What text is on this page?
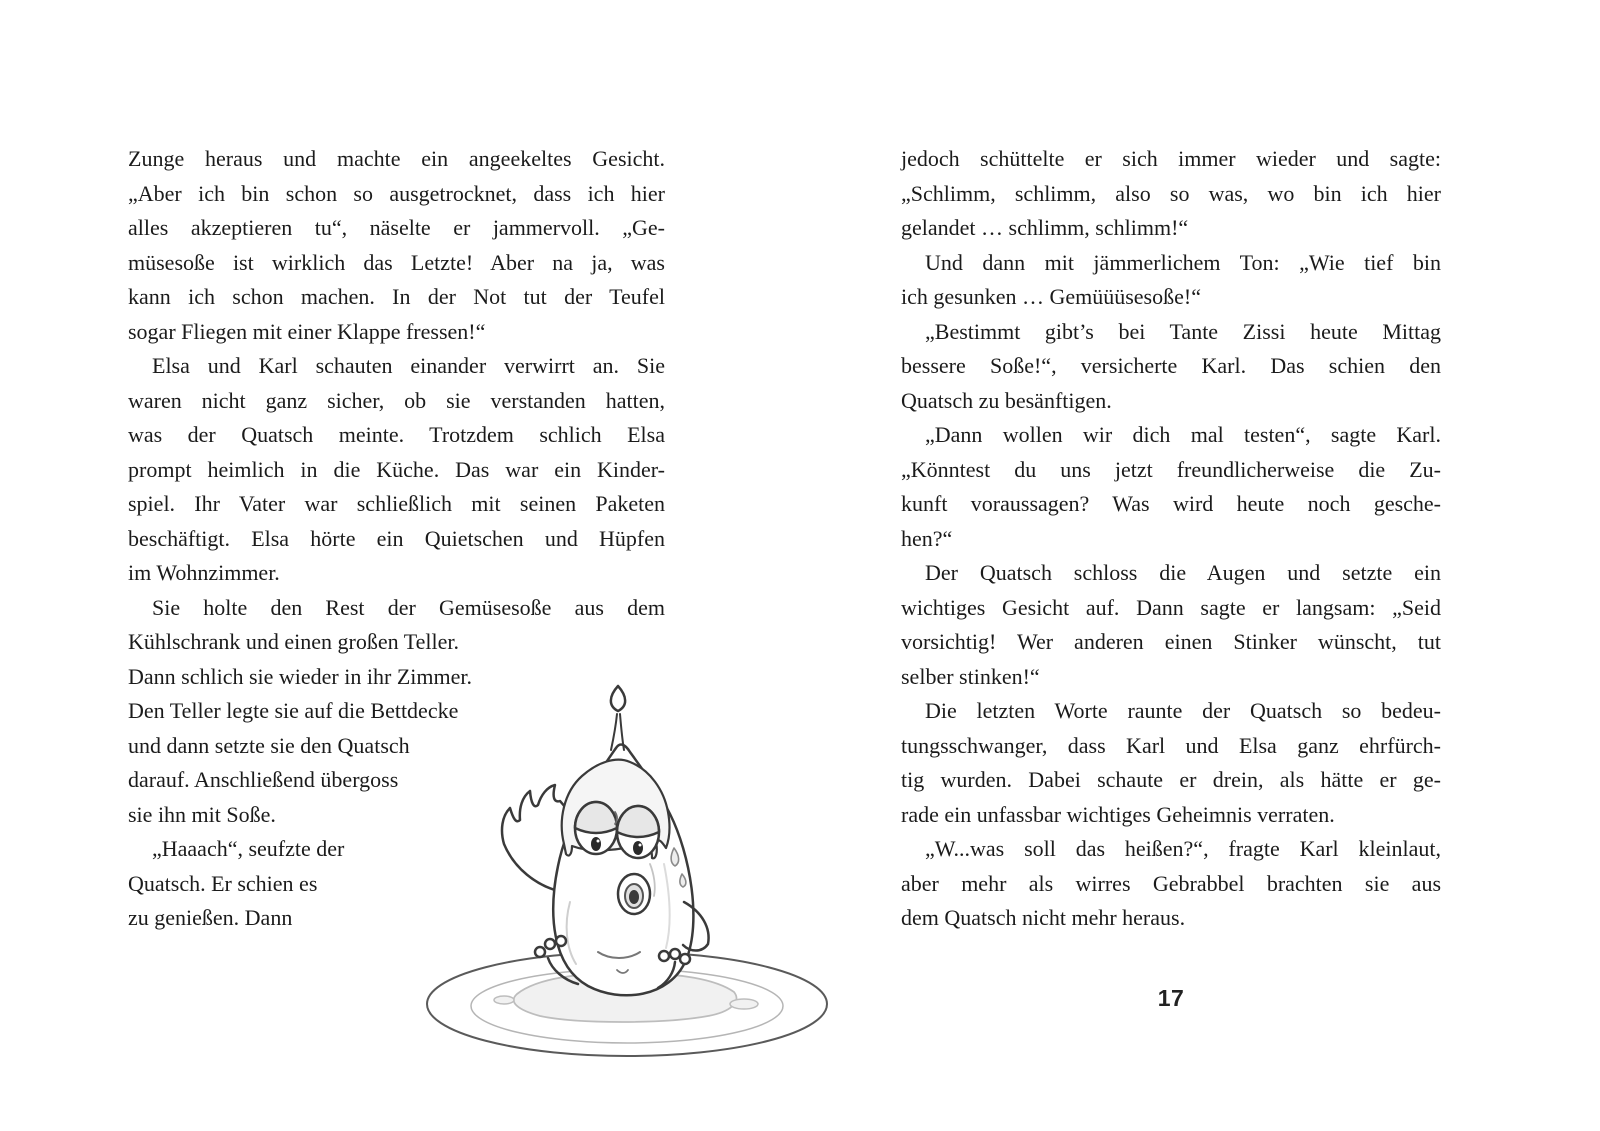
Zunge heraus und machte ein angeekeltes Gesicht.
„Aber ich bin schon so ausgetrocknet, dass ich hier
alles akzeptieren tu“, näselte er jammervoll. „Ge-
müsesoße ist wirklich das Letzte! Aber na ja, was
kann ich schon machen. In der Not tut der Teufel
sogar Fliegen mit einer Klappe fressen!“
Elsa und Karl schauten einander verwirrt an. Sie
waren nicht ganz sicher, ob sie verstanden hatten,
was der Quatsch meinte. Trotzdem schlich Elsa
prompt heimlich in die Küche. Das war ein Kinder-
spiel. Ihr Vater war schließlich mit seinen Paketen
beschäftigt. Elsa hörte ein Quietschen und Hüpfen
im Wohnzimmer.
Sie holte den Rest der Gemüsesoße aus dem
Kühlschrank und einen großen Teller.
Dann schlich sie wieder in ihr Zimmer.
Den Teller legte sie auf die Bettdecke
und dann setzte sie den Quatsch
darauf. Anschließend übergoss
sie ihn mit Soße.
„Haaach“, seufzte der
Quatsch. Er schien es
zu genießen. Dann
jedoch schüttelte er sich immer wieder und sagte:
„Schlimm, schlimm, also so was, wo bin ich hier
gelandet … schlimm, schlimm!“
Und dann mit jämmerlichem Ton: „Wie tief bin
ich gesunken … Gemüüüsesoße!“
„Bestimmt gibt’s bei Tante Zissi heute Mittag
bessere Soße!“, versicherte Karl. Das schien den
Quatsch zu besänftigen.
„Dann wollen wir dich mal testen“, sagte Karl.
„Könntest du uns jetzt freundlicherweise die Zu-
kunft voraussagen? Was wird heute noch gesche-
hen?“
Der Quatsch schloss die Augen und setzte ein
wichtiges Gesicht auf. Dann sagte er langsam: „Seid
vorsichtig! Wer anderen einen Stinker wünscht, tut
selber stinken!“
Die letzten Worte raunte der Quatsch so bedeu-
tungsschwanger, dass Karl und Elsa ganz ehrfürch-
tig wurden. Dabei schaute er drein, als hätte er ge-
rade ein unfassbar wichtiges Geheimnis verraten.
„W...was soll das heißen?“, fragte Karl kleinlaut,
aber mehr als wirres Gebrabbel brachten sie aus
dem Quatsch nicht mehr heraus.
17
